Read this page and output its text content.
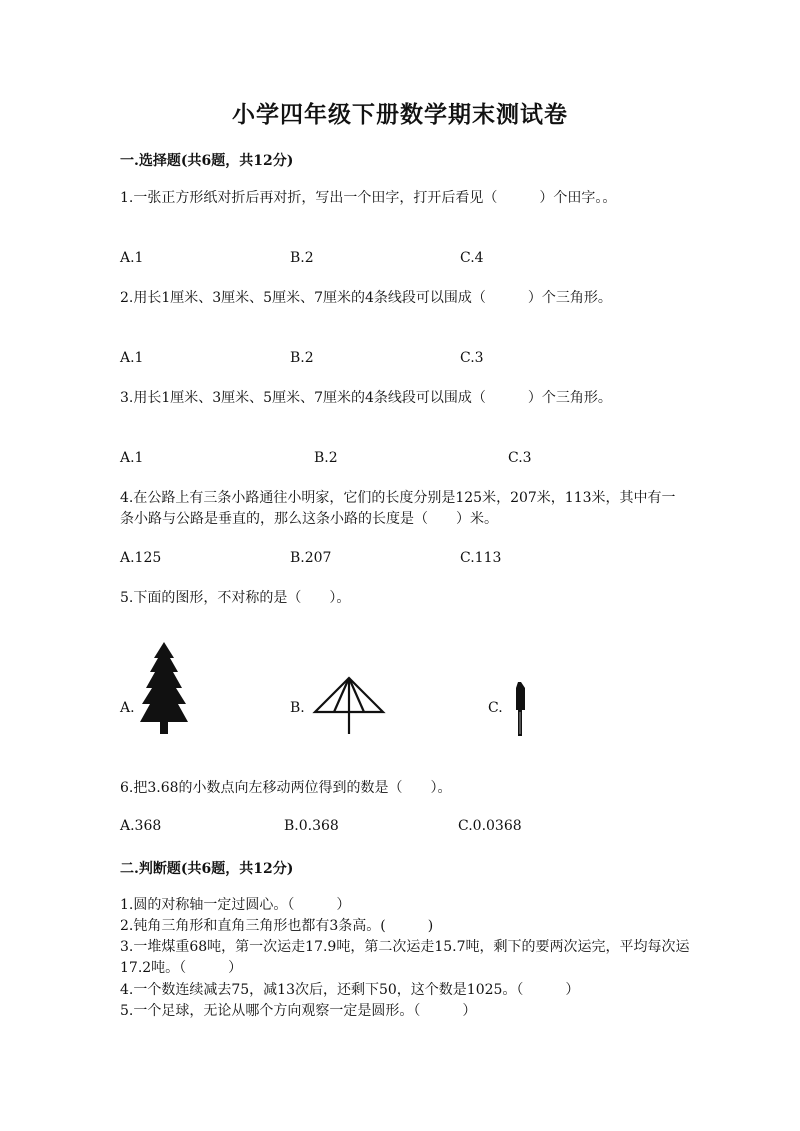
小学四年级下册数学期末测试卷
一.选择题(共6题，共12分)
1.一张正方形纸对折后再对折，写出一个田字，打开后看见（　　　）个田字。。
A.1	B.2	C.4
2.用长1厘米、3厘米、5厘米、7厘米的4条线段可以围成（　　　）个三角形。
A.1	B.2	C.3
3.用长1厘米、3厘米、5厘米、7厘米的4条线段可以围成（　　　）个三角形。
A.1	B.2	C.3
4.在公路上有三条小路通往小明家，它们的长度分别是125米，207米，113米，其中有一条小路与公路是垂直的，那么这条小路的长度是（　　）米。
A.125	B.207	C.113
5.下面的图形，不对称的是（　　）。
A.	B.	C.
6.把3.68的小数点向左移动两位得到的数是（　　）。
A.368	B.0.368	C.0.0368
二.判断题(共6题，共12分)
1.圆的对称轴一定过圆心。（　　　）
2.钝角三角形和直角三角形也都有3条高。(　　　)
3.一堆煤重68吨，第一次运走17.9吨，第二次运走15.7吨，剩下的要两次运完，平均每次运17.2吨。（　　　）
4.一个数连续减去75，减13次后，还剩下50，这个数是1025。（　　　）
5.一个足球，无论从哪个方向观察一定是圆形。（　　　）
